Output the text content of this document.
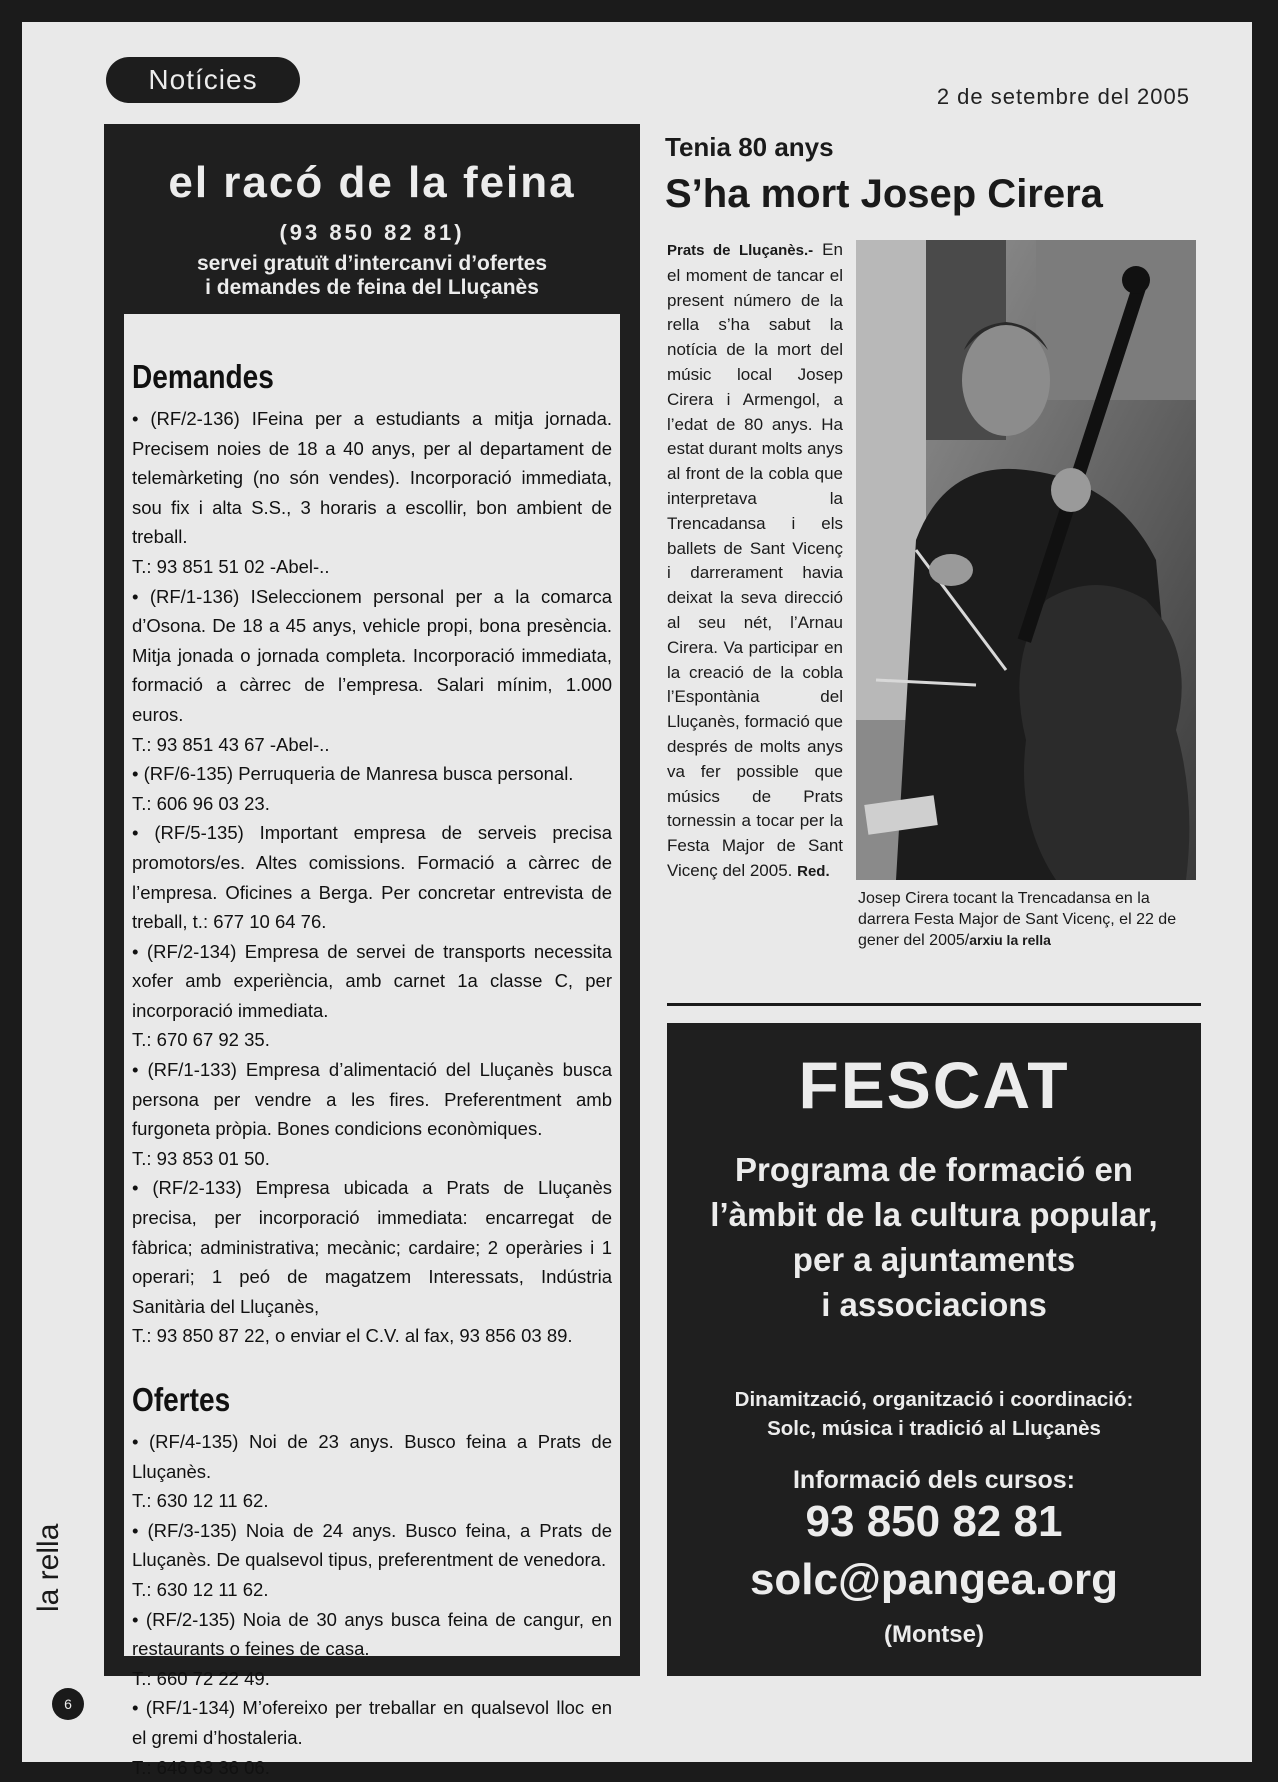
Notícies
2 de setembre del 2005
el racó de la feina
(93 850 82 81)
servei gratuït d’intercanvi d’ofertes
i demandes de feina del Lluçanès
Demandes
• (RF/2-136) IFeina per a estudiants a mitja jornada. Precisem noies de 18 a 40 anys, per al departament de telemàrketing (no són vendes). Incorporació immediata, sou fix i alta S.S., 3 horaris a escollir, bon ambient de treball.
T.: 93 851 51 02 -Abel-..
• (RF/1-136) ISeleccionem personal per a la comarca d’Osona. De 18 a 45 anys, vehicle propi, bona presència. Mitja jonada o jornada completa. Incorporació immediata, formació a càrrec de l’empresa. Salari mínim, 1.000 euros.
T.: 93 851 43 67 -Abel-..
• (RF/6-135) Perruqueria de Manresa busca personal.
T.: 606 96 03 23.
• (RF/5-135) Important empresa de serveis precisa promotors/es. Altes comissions. Formació a càrrec de l’empresa. Oficines a Berga. Per concretar entrevista de treball, t.: 677 10 64 76.
• (RF/2-134) Empresa de servei de transports necessita xofer amb experiència, amb carnet 1a classe C, per incorporació immediata.
T.: 670 67 92 35.
• (RF/1-133) Empresa d’alimentació del Lluçanès busca persona per vendre a les fires. Preferentment amb furgoneta pròpia. Bones condicions econòmiques.
T.: 93 853 01 50.
• (RF/2-133) Empresa ubicada a Prats de Lluçanès precisa, per incorporació immediata: encarregat de fàbrica; administrativa; mecànic; cardaire; 2 operàries i 1 operari; 1 peó de magatzem Interessats, Indústria Sanitària del Lluçanès,
T.: 93 850 87 22, o enviar el C.V. al fax, 93 856 03 89.
Ofertes
• (RF/4-135) Noi de 23 anys. Busco feina a Prats de Lluçanès.
T.: 630 12 11 62.
• (RF/3-135) Noia de 24 anys. Busco feina, a Prats de Lluçanès. De qualsevol tipus, preferentment de venedora.
T.: 630 12 11 62.
• (RF/2-135) Noia de 30 anys busca feina de cangur, en restaurants o feines de casa.
T.: 660 72 22 49.
• (RF/1-134) M’ofereixo per treballar en qualsevol lloc en el gremi d’hostaleria.
T.: 646 63 36 06.
Tenia 80 anys
S’ha mort Josep Cirera
Prats de Lluçanès.- En el moment de tancar el present número de la rella s’ha sabut la notícia de la mort del músic local Josep Cirera i Armengol, a l’edat de 80 anys. Ha estat durant molts anys al front de la cobla que interpretava la Trencadansa i els ballets de Sant Vicenç i darrerament havia deixat la seva direcció al seu nét, l’Arnau Cirera. Va participar en la creació de la cobla l’Espontània del Lluçanès, formació que després de molts anys va fer possible que músics de Prats tornessin a tocar per la Festa Major de Sant Vicenç del 2005. Red.
Josep Cirera tocant la Trencadansa en la darrera Festa Major de Sant Vicenç, el 22 de gener del 2005/arxiu la rella
FESCAT
Programa de formació en
l’àmbit de la cultura popular,
per a ajuntaments
i associacions
Dinamització, organització i coordinació:
Solc, música i tradició al Lluçanès
Informació dels cursos:
93 850 82 81
solc@pangea.org
(Montse)
la rella
6
